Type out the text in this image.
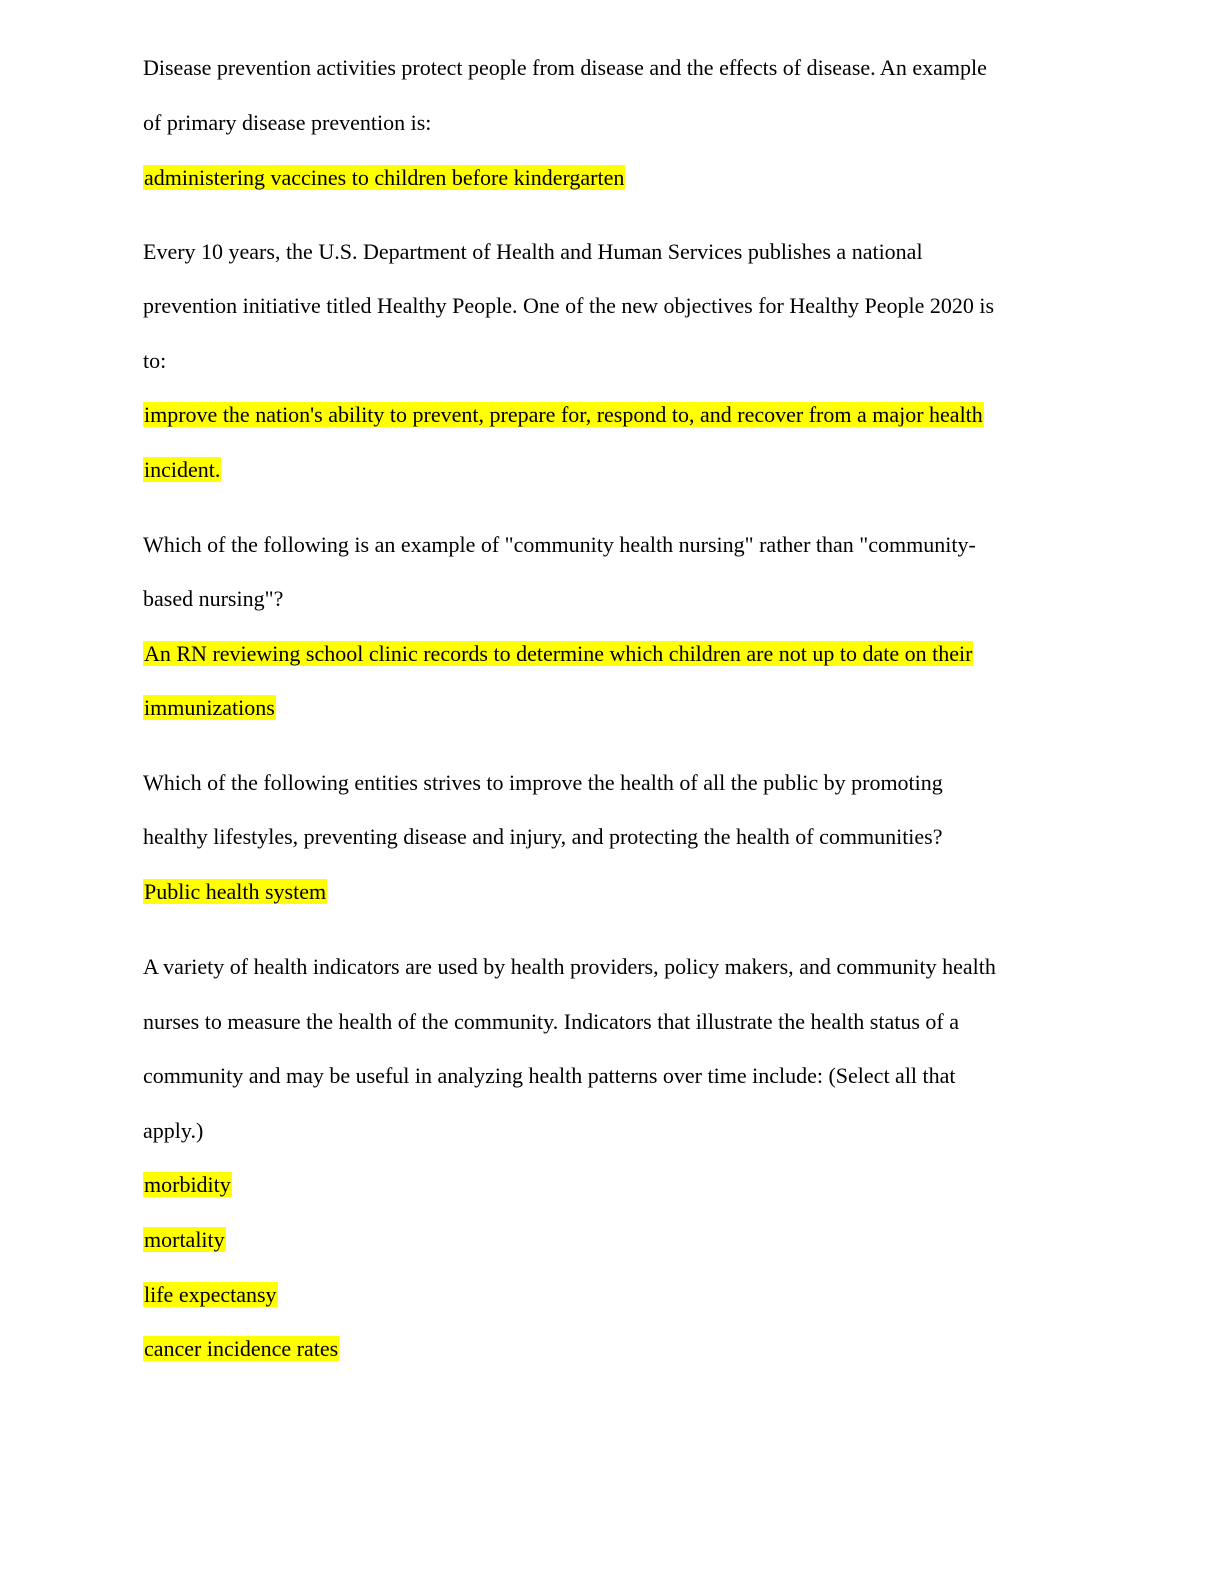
Disease prevention activities protect people from disease and the effects of disease. An example

of primary disease prevention is:

administering vaccines to children before kindergarten

Every 10 years, the U.S. Department of Health and Human Services publishes a national

prevention initiative titled Healthy People. One of the new objectives for Healthy People 2020 is

to:

improve the nation's ability to prevent, prepare for, respond to, and recover from a major health

incident.

Which of the following is an example of "community health nursing" rather than "community-

based nursing"?

An RN reviewing school clinic records to determine which children are not up to date on their

immunizations

Which of the following entities strives to improve the health of all the public by promoting

healthy lifestyles, preventing disease and injury, and protecting the health of communities?

Public health system

A variety of health indicators are used by health providers, policy makers, and community health

nurses to measure the health of the community. Indicators that illustrate the health status of a

community and may be useful in analyzing health patterns over time include: (Select all that

apply.)

morbidity

mortality

life expectansy

cancer incidence rates
